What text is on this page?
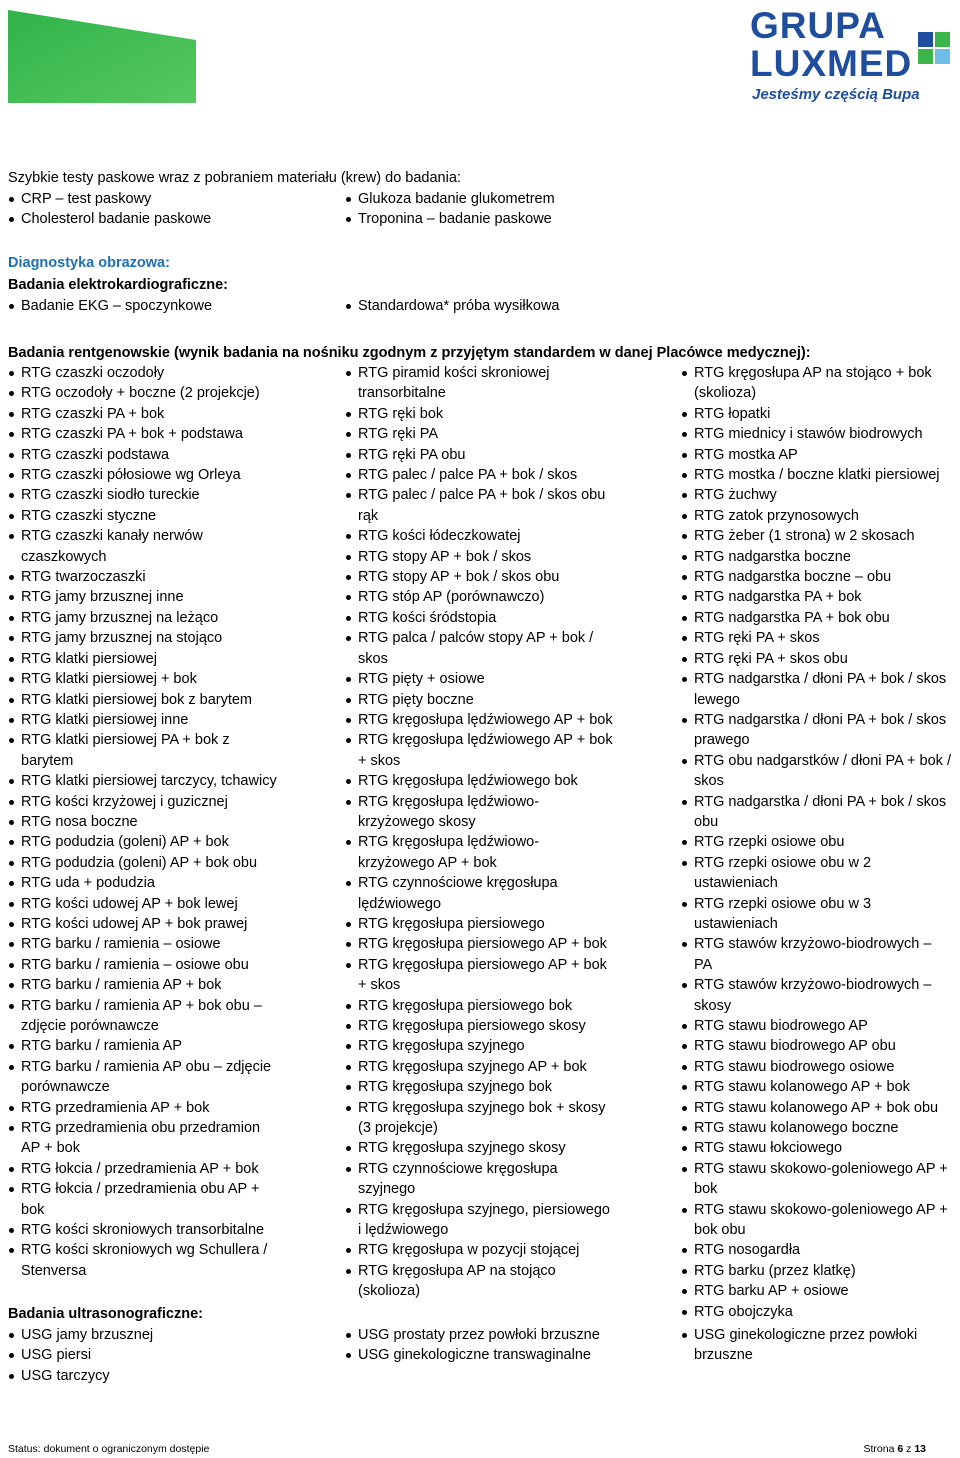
GRUPA
LUXMED
Jesteśmy częścią Bupa
Szybkie testy paskowe wraz z pobraniem materiału (krew) do badania:
CRP – test paskowy
Cholesterol badanie paskowe
Glukoza badanie glukometrem
Troponina – badanie paskowe
Diagnostyka obrazowa:
Badania elektrokardiograficzne:
Badanie EKG – spoczynkowe	Standardowa* próba wysiłkowa
Badania rentgenowskie (wynik badania na nośniku zgodnym z przyjętym standardem w danej Placówce medycznej):
RTG czaszki oczodoły
RTG oczodoły + boczne (2 projekcje)
RTG czaszki PA + bok
RTG czaszki PA + bok + podstawa
RTG czaszki podstawa
RTG czaszki półosiowe wg Orleya
RTG czaszki siodło tureckie
RTG czaszki styczne
RTG czaszki kanały nerwów czaszkowych
RTG twarzoczaszki
RTG jamy brzusznej inne
RTG jamy brzusznej na leżąco
RTG jamy brzusznej na stojąco
RTG klatki piersiowej
RTG klatki piersiowej + bok
RTG klatki piersiowej bok z barytem
RTG klatki piersiowej inne
RTG klatki piersiowej PA + bok z barytem
RTG klatki piersiowej tarczycy, tchawicy
RTG kości krzyżowej i guzicznej
RTG nosa boczne
RTG podudzia (goleni) AP + bok
RTG podudzia (goleni) AP + bok obu
RTG uda + podudzia
RTG kości udowej AP + bok lewej
RTG kości udowej AP + bok prawej
RTG barku / ramienia – osiowe
RTG barku / ramienia – osiowe obu
RTG barku / ramienia AP + bok
RTG barku / ramienia AP + bok obu – zdjęcie porównawcze
RTG barku / ramienia AP
RTG barku / ramienia AP obu – zdjęcie porównawcze
RTG przedramienia AP + bok
RTG przedramienia obu przedramion AP + bok
RTG łokcia / przedramienia AP + bok
RTG łokcia / przedramienia obu AP + bok
RTG kości skroniowych transorbitalne
RTG kości skroniowych wg Schullera / Stenversa
RTG piramid kości skroniowej transorbitalne
RTG ręki bok
RTG ręki PA
RTG ręki PA obu
RTG palec / palce PA + bok / skos
RTG palec / palce PA + bok / skos obu rąk
RTG kości łódeczkowatej
RTG stopy AP + bok / skos
RTG stopy AP + bok / skos obu
RTG stóp AP (porównawczo)
RTG kości śródstopia
RTG palca / palców stopy AP + bok / skos
RTG pięty + osiowe
RTG pięty boczne
RTG kręgosłupa lędźwiowego AP + bok
RTG kręgosłupa lędźwiowego AP + bok + skos
RTG kręgosłupa lędźwiowego bok
RTG kręgosłupa lędźwiowo-krzyżowego skosy
RTG kręgosłupa lędźwiowo-krzyżowego AP + bok
RTG czynnościowe kręgosłupa lędźwiowego
RTG kręgosłupa piersiowego
RTG kręgosłupa piersiowego AP + bok
RTG kręgosłupa piersiowego AP + bok + skos
RTG kręgosłupa piersiowego bok
RTG kręgosłupa piersiowego skosy
RTG kręgosłupa szyjnego
RTG kręgosłupa szyjnego AP + bok
RTG kręgosłupa szyjnego bok
RTG kręgosłupa szyjnego bok + skosy (3 projekcje)
RTG kręgosłupa szyjnego skosy
RTG czynnościowe kręgosłupa szyjnego
RTG kręgosłupa szyjnego, piersiowego i lędźwiowego
RTG kręgosłupa w pozycji stojącej
RTG kręgosłupa AP na stojąco (skolioza)
RTG kręgosłupa AP na stojąco + bok (skolioza)
RTG łopatki
RTG miednicy i stawów biodrowych
RTG mostka AP
RTG mostka / boczne klatki piersiowej
RTG żuchwy
RTG zatok przynosowych
RTG żeber (1 strona) w 2 skosach
RTG nadgarstka boczne
RTG nadgarstka boczne – obu
RTG nadgarstka PA + bok
RTG nadgarstka PA + bok obu
RTG ręki PA + skos
RTG ręki PA + skos obu
RTG nadgarstka / dłoni PA + bok / skos lewego
RTG nadgarstka / dłoni PA + bok / skos prawego
RTG obu nadgarstków / dłoni PA + bok / skos
RTG nadgarstka / dłoni PA + bok / skos obu
RTG rzepki osiowe obu
RTG rzepki osiowe obu w 2 ustawieniach
RTG rzepki osiowe obu w 3 ustawieniach
RTG stawów krzyżowo-biodrowych – PA
RTG stawów krzyżowo-biodrowych – skosy
RTG stawu biodrowego AP
RTG stawu biodrowego AP obu
RTG stawu biodrowego osiowe
RTG stawu kolanowego AP + bok
RTG stawu kolanowego AP + bok obu
RTG stawu kolanowego boczne
RTG stawu łokciowego
RTG stawu skokowo-goleniowego AP + bok
RTG stawu skokowo-goleniowego AP + bok obu
RTG nosogardła
RTG barku (przez klatkę)
RTG barku AP + osiowe
RTG obojczyka
Badania ultrasonograficzne:
USG jamy brzusznej
USG piersi
USG tarczycy
USG prostaty przez powłoki brzuszne
USG ginekologiczne transwaginalne
USG ginekologiczne przez powłoki brzuszne
Status: dokument o ograniczonym dostępie	Strona 6 z 13
